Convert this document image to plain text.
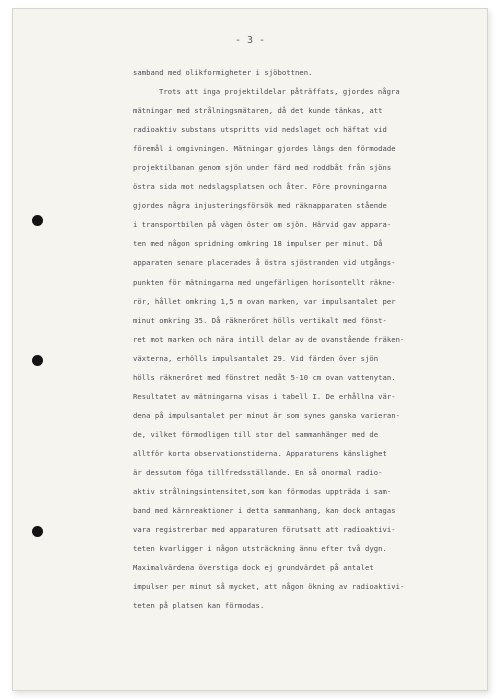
- 3 -
samband med olikformigheter i sjöbottnen.
Trots att inga projektildelar påträffats, gjordes några
mätningar med strålningsmätaren, då det kunde tänkas, att
radioaktiv substans utspritts vid nedslaget och häftat vid
föremål i omgivningen. Mätningar gjordes längs den förmodade
projektilbanan genom sjön under färd med roddbåt från sjöns
östra sida mot nedslagsplatsen och åter. Före provningarna
gjordes några injusteringsförsök med räknapparaten stående
i transportbilen på vägen öster om sjön. Härvid gav appara-
ten med någon spridning omkring 18 impulser per minut. Då
apparaten senare placerades å östra sjöstranden vid utgångs-
punkten för mätningarna med ungefärligen horisontellt räkne-
rör, hållet omkring 1,5 m ovan marken, var impulsantalet per
minut omkring 35. Då räknerőret hölls vertikalt med fönst-
ret mot marken och nära intill delar av de ovanstående fräken-
växterna, erhölls impulsantalet 29. Vid färden över sjön
hölls räknerőret med fönstret nedåt 5-10 cm ovan vattenytan.
Resultatet av mätningarna visas i tabell I. De erhållna vär-
dena på impulsantalet per minut är som synes ganska varieran-
de, vilket förmodligen till stor del sammanhänger med de
alltför korta observationstiderna. Apparaturens känslighet
är dessutom föga tillfredsställande. En så onormal radio-
aktiv strålningsintensitet,som kan förmodas uppträda i sam-
band med kärnreaktioner i detta sammanhang, kan dock antagas
vara registrerbar med apparaturen förutsatt att radioaktivi-
teten kvarligger i någon utsträckning ännu efter två dygn.
Maximalvärdena överstiga dock ej grundvärdet på antalet
impulser per minut så mycket, att någon ökning av radioaktivi-
teten på platsen kan förmodas.
